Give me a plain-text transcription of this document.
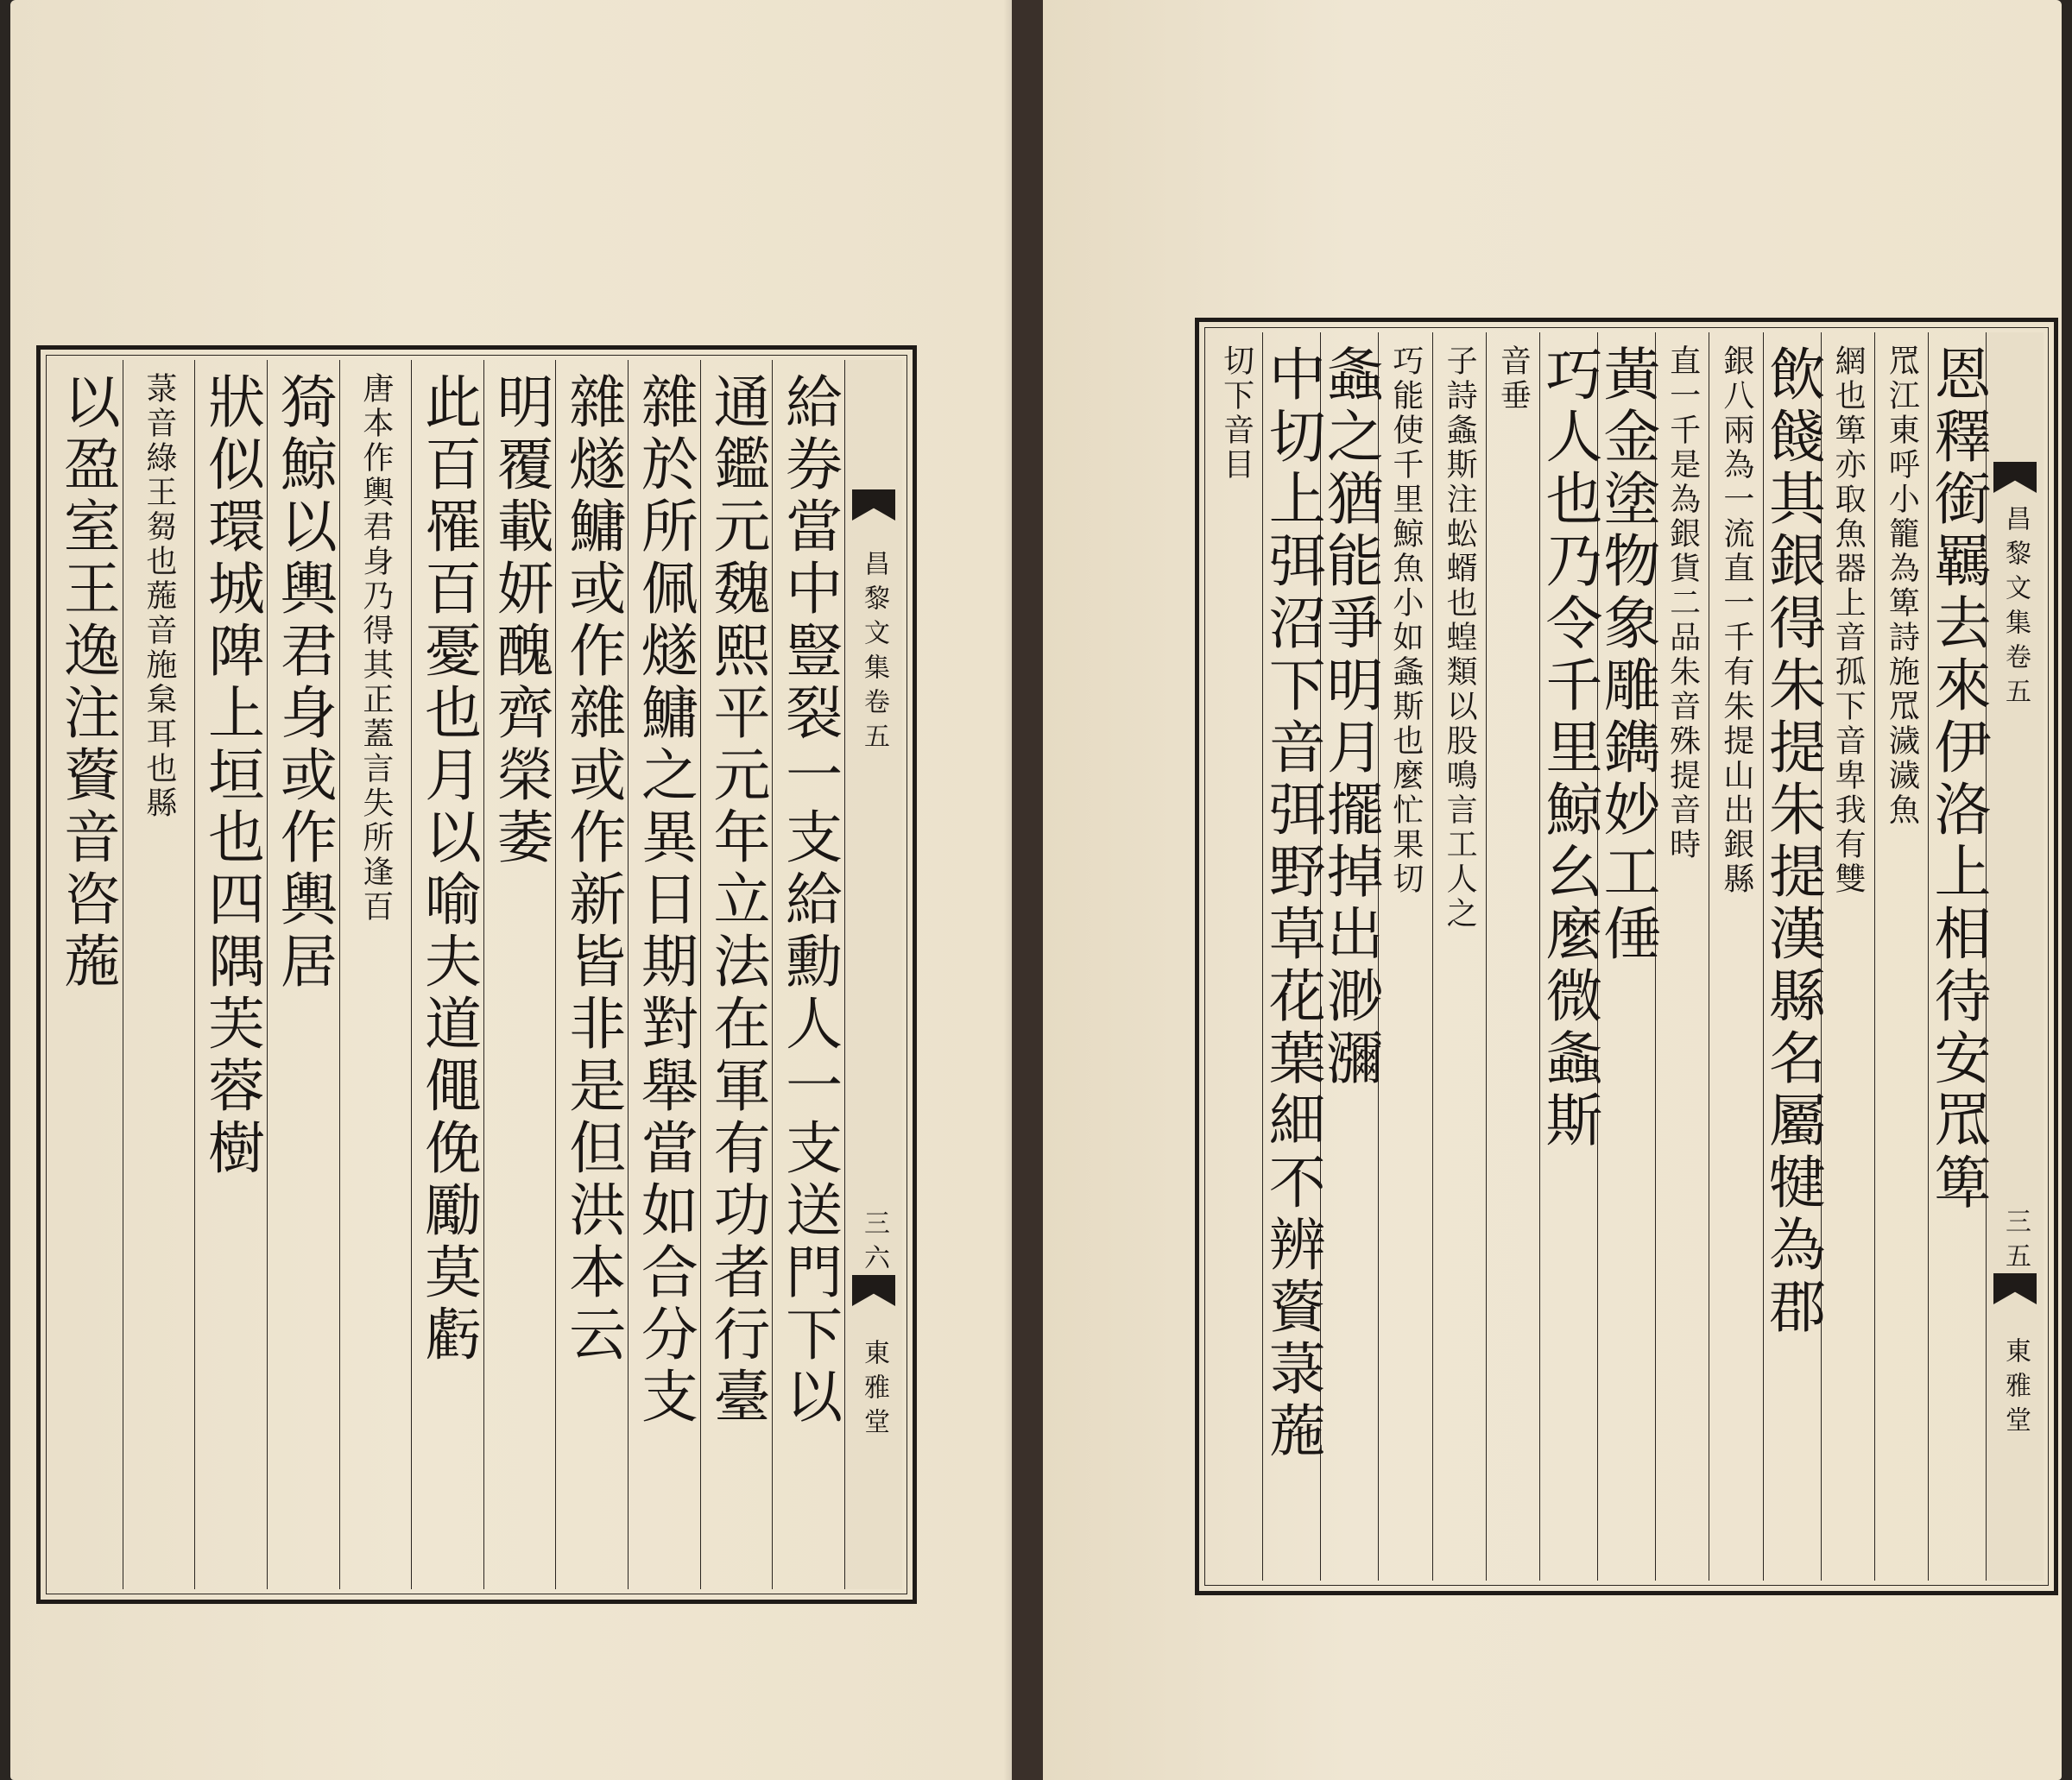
昌黎文集卷五
三六
東雅堂
給券當中豎裂一支給勳人一支送門下以
通鑑元魏熙平元年立法在軍有功者行臺
雜於所佩燧鱅之異日期對舉當如合分支
雜燧鱅或作雜或作新皆非是但洪本云
明覆載妍醜齊榮萎
此百罹百憂也月以喻夫道僶俛勵莫虧
唐本作輿君身乃得其正蓋言失所逢百
猗鯨以輿君身或作輿居
狀似環城陴上垣也四隅芙蓉樹
菉音綠王芻也葹音施枲耳也縣
以盈室王逸注薋音咨葹	昌黎文集卷五
三五
東雅堂
恩釋銜羈去來伊洛上相待安罛箄
罛江東呼小籠為箄詩施罛濊濊魚
網也箄亦取魚器上音孤下音卑我有雙
飲餞其銀得朱提朱提漢縣名屬犍為郡
銀八兩為一流直一千有朱提山出銀縣
直一千是為銀貨二品朱音殊提音時
黃金塗物象雕鐫妙工倕
巧人也乃令千里鯨幺麼微螽斯
音垂
子詩螽斯注蚣蝑也蝗類以股鳴言工人之
巧能使千里鯨魚小如螽斯也麼忙果切
螽之猶能爭明月擺掉出渺瀰
中切上弭沼下音弭野草花葉細不辨薋菉葹
切下音目
